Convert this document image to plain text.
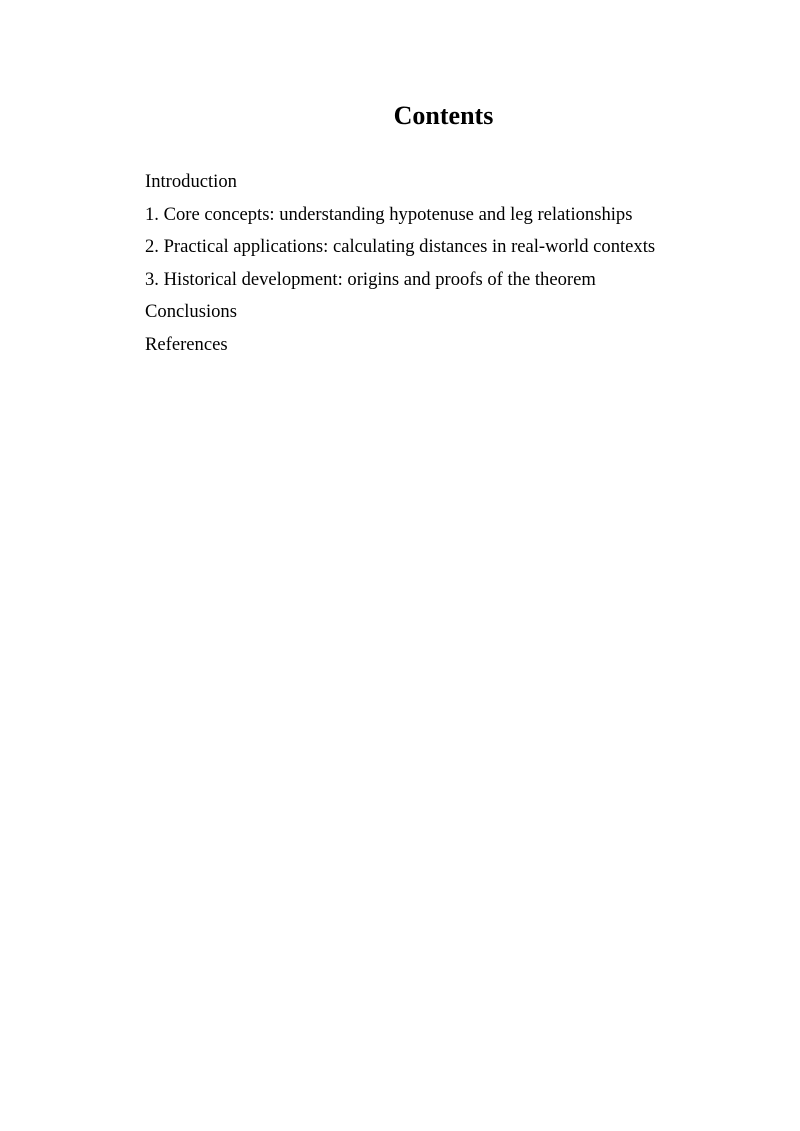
Contents
Introduction
1. Core concepts: understanding hypotenuse and leg relationships
2. Practical applications: calculating distances in real-world contexts
3. Historical development: origins and proofs of the theorem
Conclusions
References
